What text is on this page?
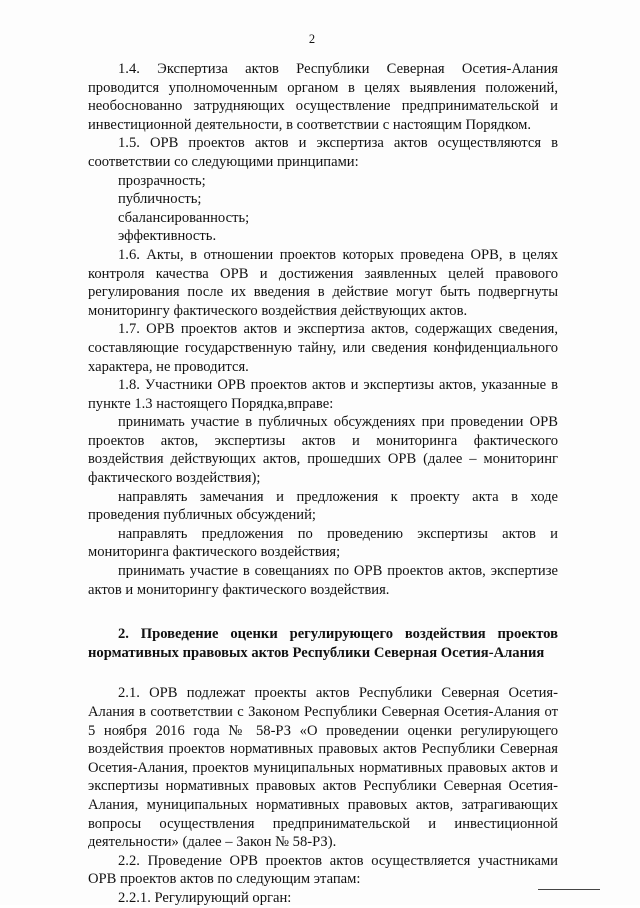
2

1.4. Экспертиза актов Республики Северная Осетия-Алания проводится уполномоченным органом в целях выявления положений, необоснованно затрудняющих осуществление предпринимательской и инвестиционной деятельности, в соответствии с настоящим Порядком.

1.5. ОРВ проектов актов и экспертиза актов осуществляются в соответствии со следующими принципами:

прозрачность;

публичность;

сбалансированность;

эффективность.

1.6. Акты, в отношении проектов которых проведена ОРВ, в целях контроля качества ОРВ и достижения заявленных целей правового регулирования после их введения в действие могут быть подвергнуты мониторингу фактического воздействия действующих актов.

1.7. ОРВ проектов актов и экспертиза актов, содержащих сведения, составляющие государственную тайну, или сведения конфиденциального характера, не проводится.

1.8. Участники ОРВ проектов актов и экспертизы актов, указанные в пункте 1.3 настоящего Порядка,вправе:

принимать участие в публичных обсуждениях при проведении ОРВ проектов актов, экспертизы актов и мониторинга фактического воздействия действующих актов, прошедших ОРВ (далее – мониторинг фактического воздействия);

направлять замечания и предложения к проекту акта в ходе проведения публичных обсуждений;

направлять предложения по проведению экспертизы актов и мониторинга фактического воздействия;

принимать участие в совещаниях по ОРВ проектов актов, экспертизе актов и мониторингу фактического воздействия.

2. Проведение оценки регулирующего воздействия проектов нормативных правовых актов Республики Северная Осетия-Алания

2.1. ОРВ подлежат проекты актов Республики Северная Осетия-Алания в соответствии с Законом Республики Северная Осетия-Алания от 5 ноября 2016 года № 58-РЗ «О проведении оценки регулирующего воздействия проектов нормативных правовых актов Республики Северная Осетия-Алания, проектов муниципальных нормативных правовых актов и экспертизы нормативных правовых актов Республики Северная Осетия-Алания, муниципальных нормативных правовых актов, затрагивающих вопросы осуществления предпринимательской и инвестиционной деятельности» (далее – Закон № 58-РЗ).

2.2. Проведение ОРВ проектов актов осуществляется участниками ОРВ проектов актов по следующим этапам:

2.2.1. Регулирующий орган:
